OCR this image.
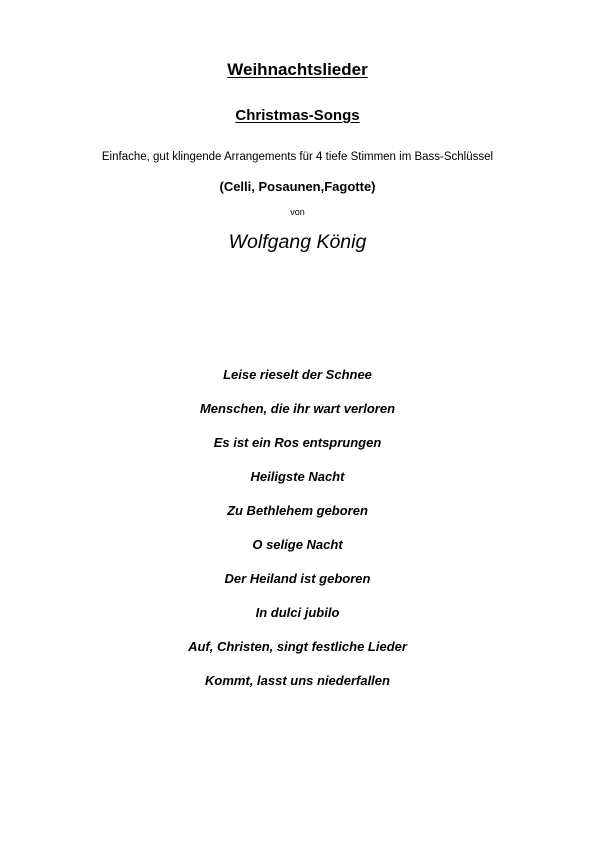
Weihnachtslieder
Christmas-Songs
Einfache, gut klingende Arrangements für 4 tiefe Stimmen im Bass-Schlüssel
(Celli, Posaunen,Fagotte)
von
Wolfgang König
Leise rieselt der Schnee
Menschen, die ihr wart verloren
Es ist ein Ros entsprungen
Heiligste Nacht
Zu Bethlehem geboren
O selige Nacht
Der Heiland ist geboren
In dulci jubilo
Auf, Christen, singt festliche Lieder
Kommt, lasst uns niederfallen
